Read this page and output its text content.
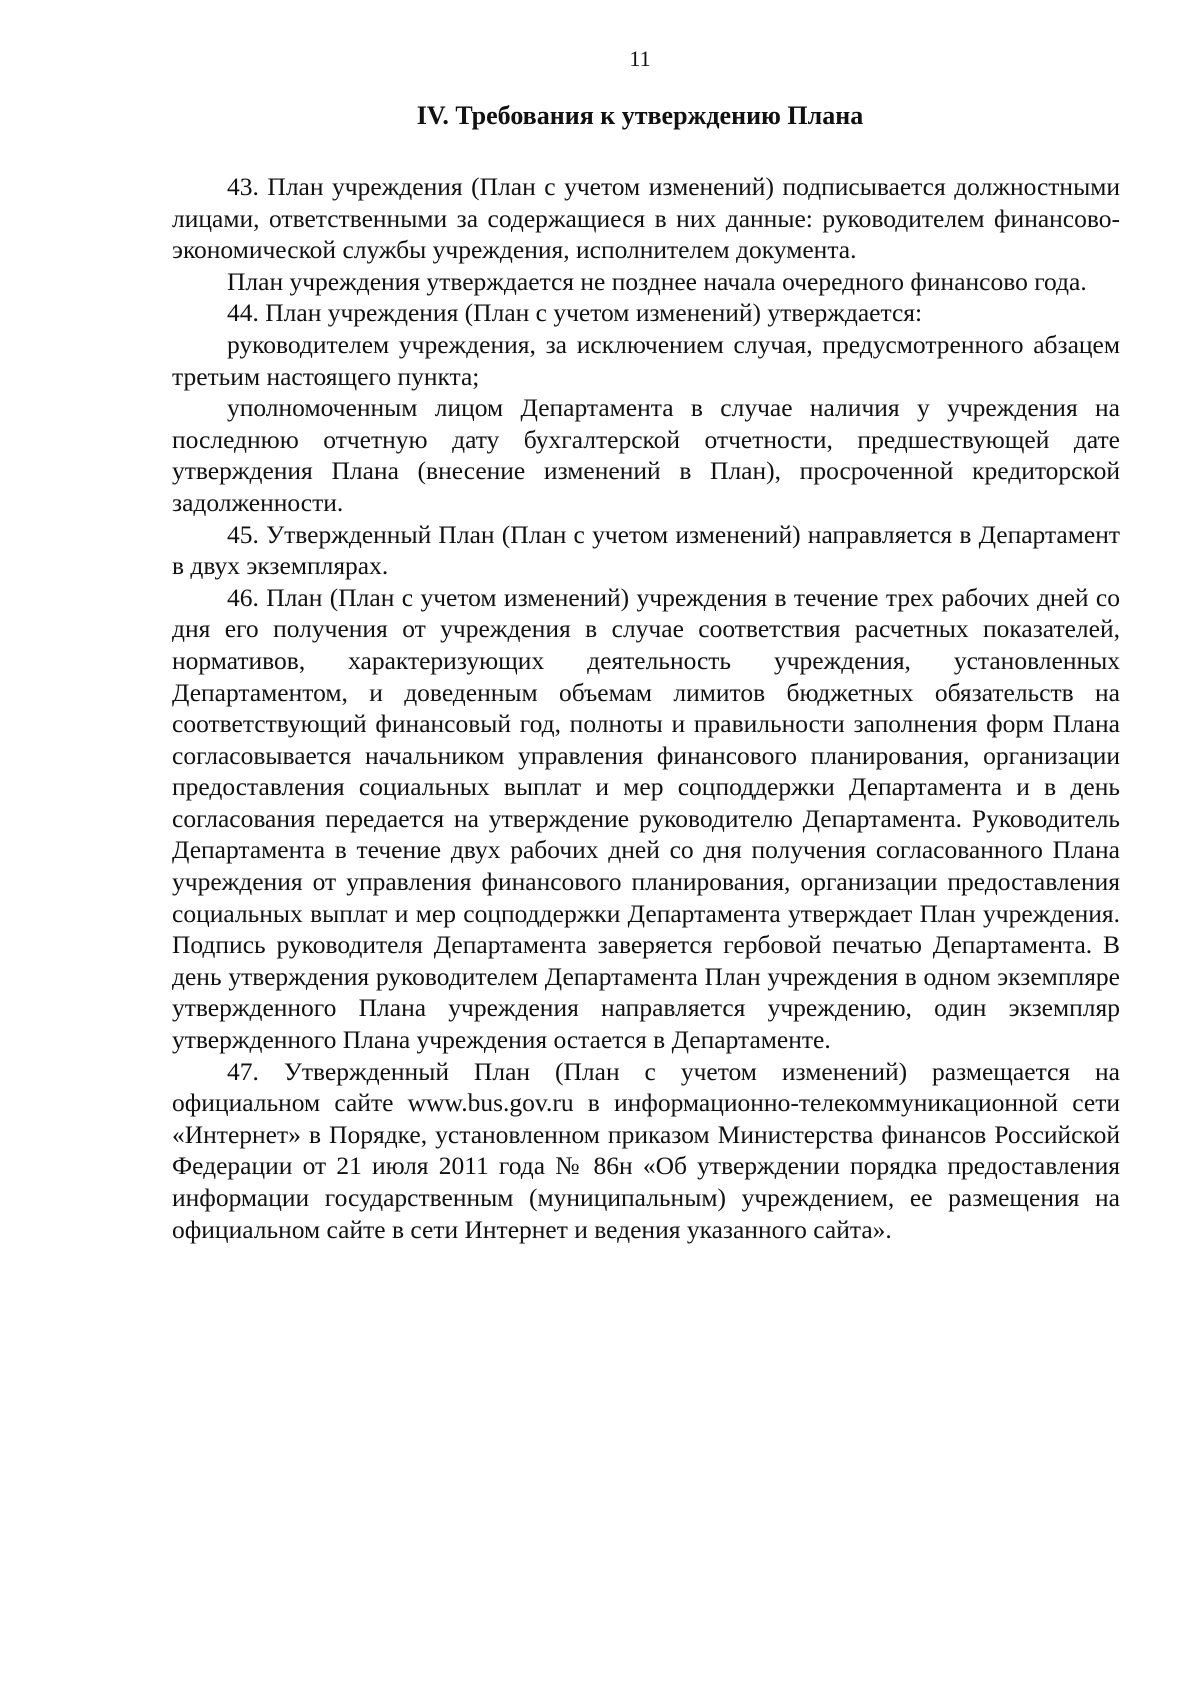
11
IV. Требования к утверждению Плана

43. План учреждения (План с учетом изменений) подписывается должностными лицами, ответственными за содержащиеся в них данные: руководителем финансово-экономической службы учреждения, исполнителем документа.

План учреждения утверждается не позднее начала очередного финансово года.

44. План учреждения (План с учетом изменений) утверждается:

руководителем учреждения, за исключением случая, предусмотренного абзацем третьим настоящего пункта;

уполномоченным лицом Департамента в случае наличия у учреждения на последнюю отчетную дату бухгалтерской отчетности, предшествующей дате утверждения Плана (внесение изменений в План), просроченной кредиторской задолженности.

45. Утвержденный План (План с учетом изменений) направляется в Департамент в двух экземплярах.

46. План (План с учетом изменений) учреждения в течение трех рабочих дней со дня его получения от учреждения в случае соответствия расчетных показателей, нормативов, характеризующих деятельность учреждения, установленных Департаментом, и доведенным объемам лимитов бюджетных обязательств на соответствующий финансовый год, полноты и правильности заполнения форм Плана согласовывается начальником управления финансового планирования, организации предоставления социальных выплат и мер соцподдержки Департамента и в день согласования передается на утверждение руководителю Департамента. Руководитель Департамента в течение двух рабочих дней со дня получения согласованного Плана учреждения от управления финансового планирования, организации предоставления социальных выплат и мер соцподдержки Департамента утверждает План учреждения. Подпись руководителя Департамента заверяется гербовой печатью Департамента. В день утверждения руководителем Департамента План учреждения в одном экземпляре утвержденного Плана учреждения направляется учреждению, один экземпляр утвержденного Плана учреждения остается в Департаменте.

47. Утвержденный План (План с учетом изменений) размещается на официальном сайте www.bus.gov.ru в информационно-телекоммуникационной сети «Интернет» в Порядке, установленном приказом Министерства финансов Российской Федерации от 21 июля 2011 года № 86н «Об утверждении порядка предоставления информации государственным (муниципальным) учреждением, ее размещения на официальном сайте в сети Интернет и ведения указанного сайта».
